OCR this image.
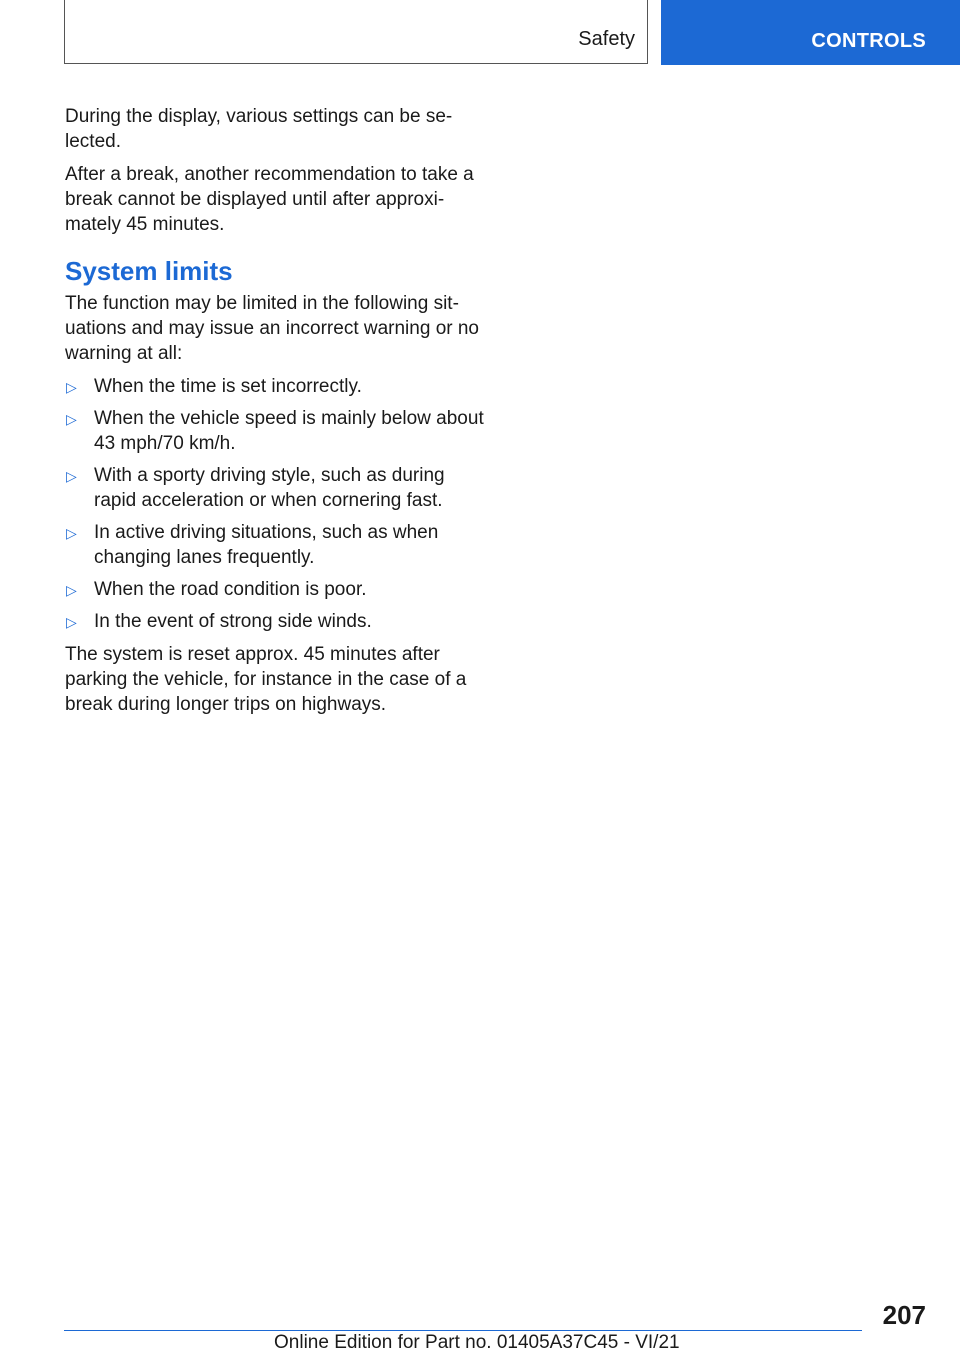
Safety	CONTROLS

During the display, various settings can be se-
lected.

After a break, another recommendation to take a break cannot be displayed until after approxi-
mately 45 minutes.

System limits

The function may be limited in the following sit-
uations and may issue an incorrect warning or no warning at all:

▷ When the time is set incorrectly.
▷ When the vehicle speed is mainly below about 43 mph/70 km/h.
▷ With a sporty driving style, such as during rapid acceleration or when cornering fast.
▷ In active driving situations, such as when changing lanes frequently.
▷ When the road condition is poor.
▷ In the event of strong side winds.

The system is reset approx. 45 minutes after parking the vehicle, for instance in the case of a break during longer trips on highways.

207
Online Edition for Part no. 01405A37C45 - VI/21
